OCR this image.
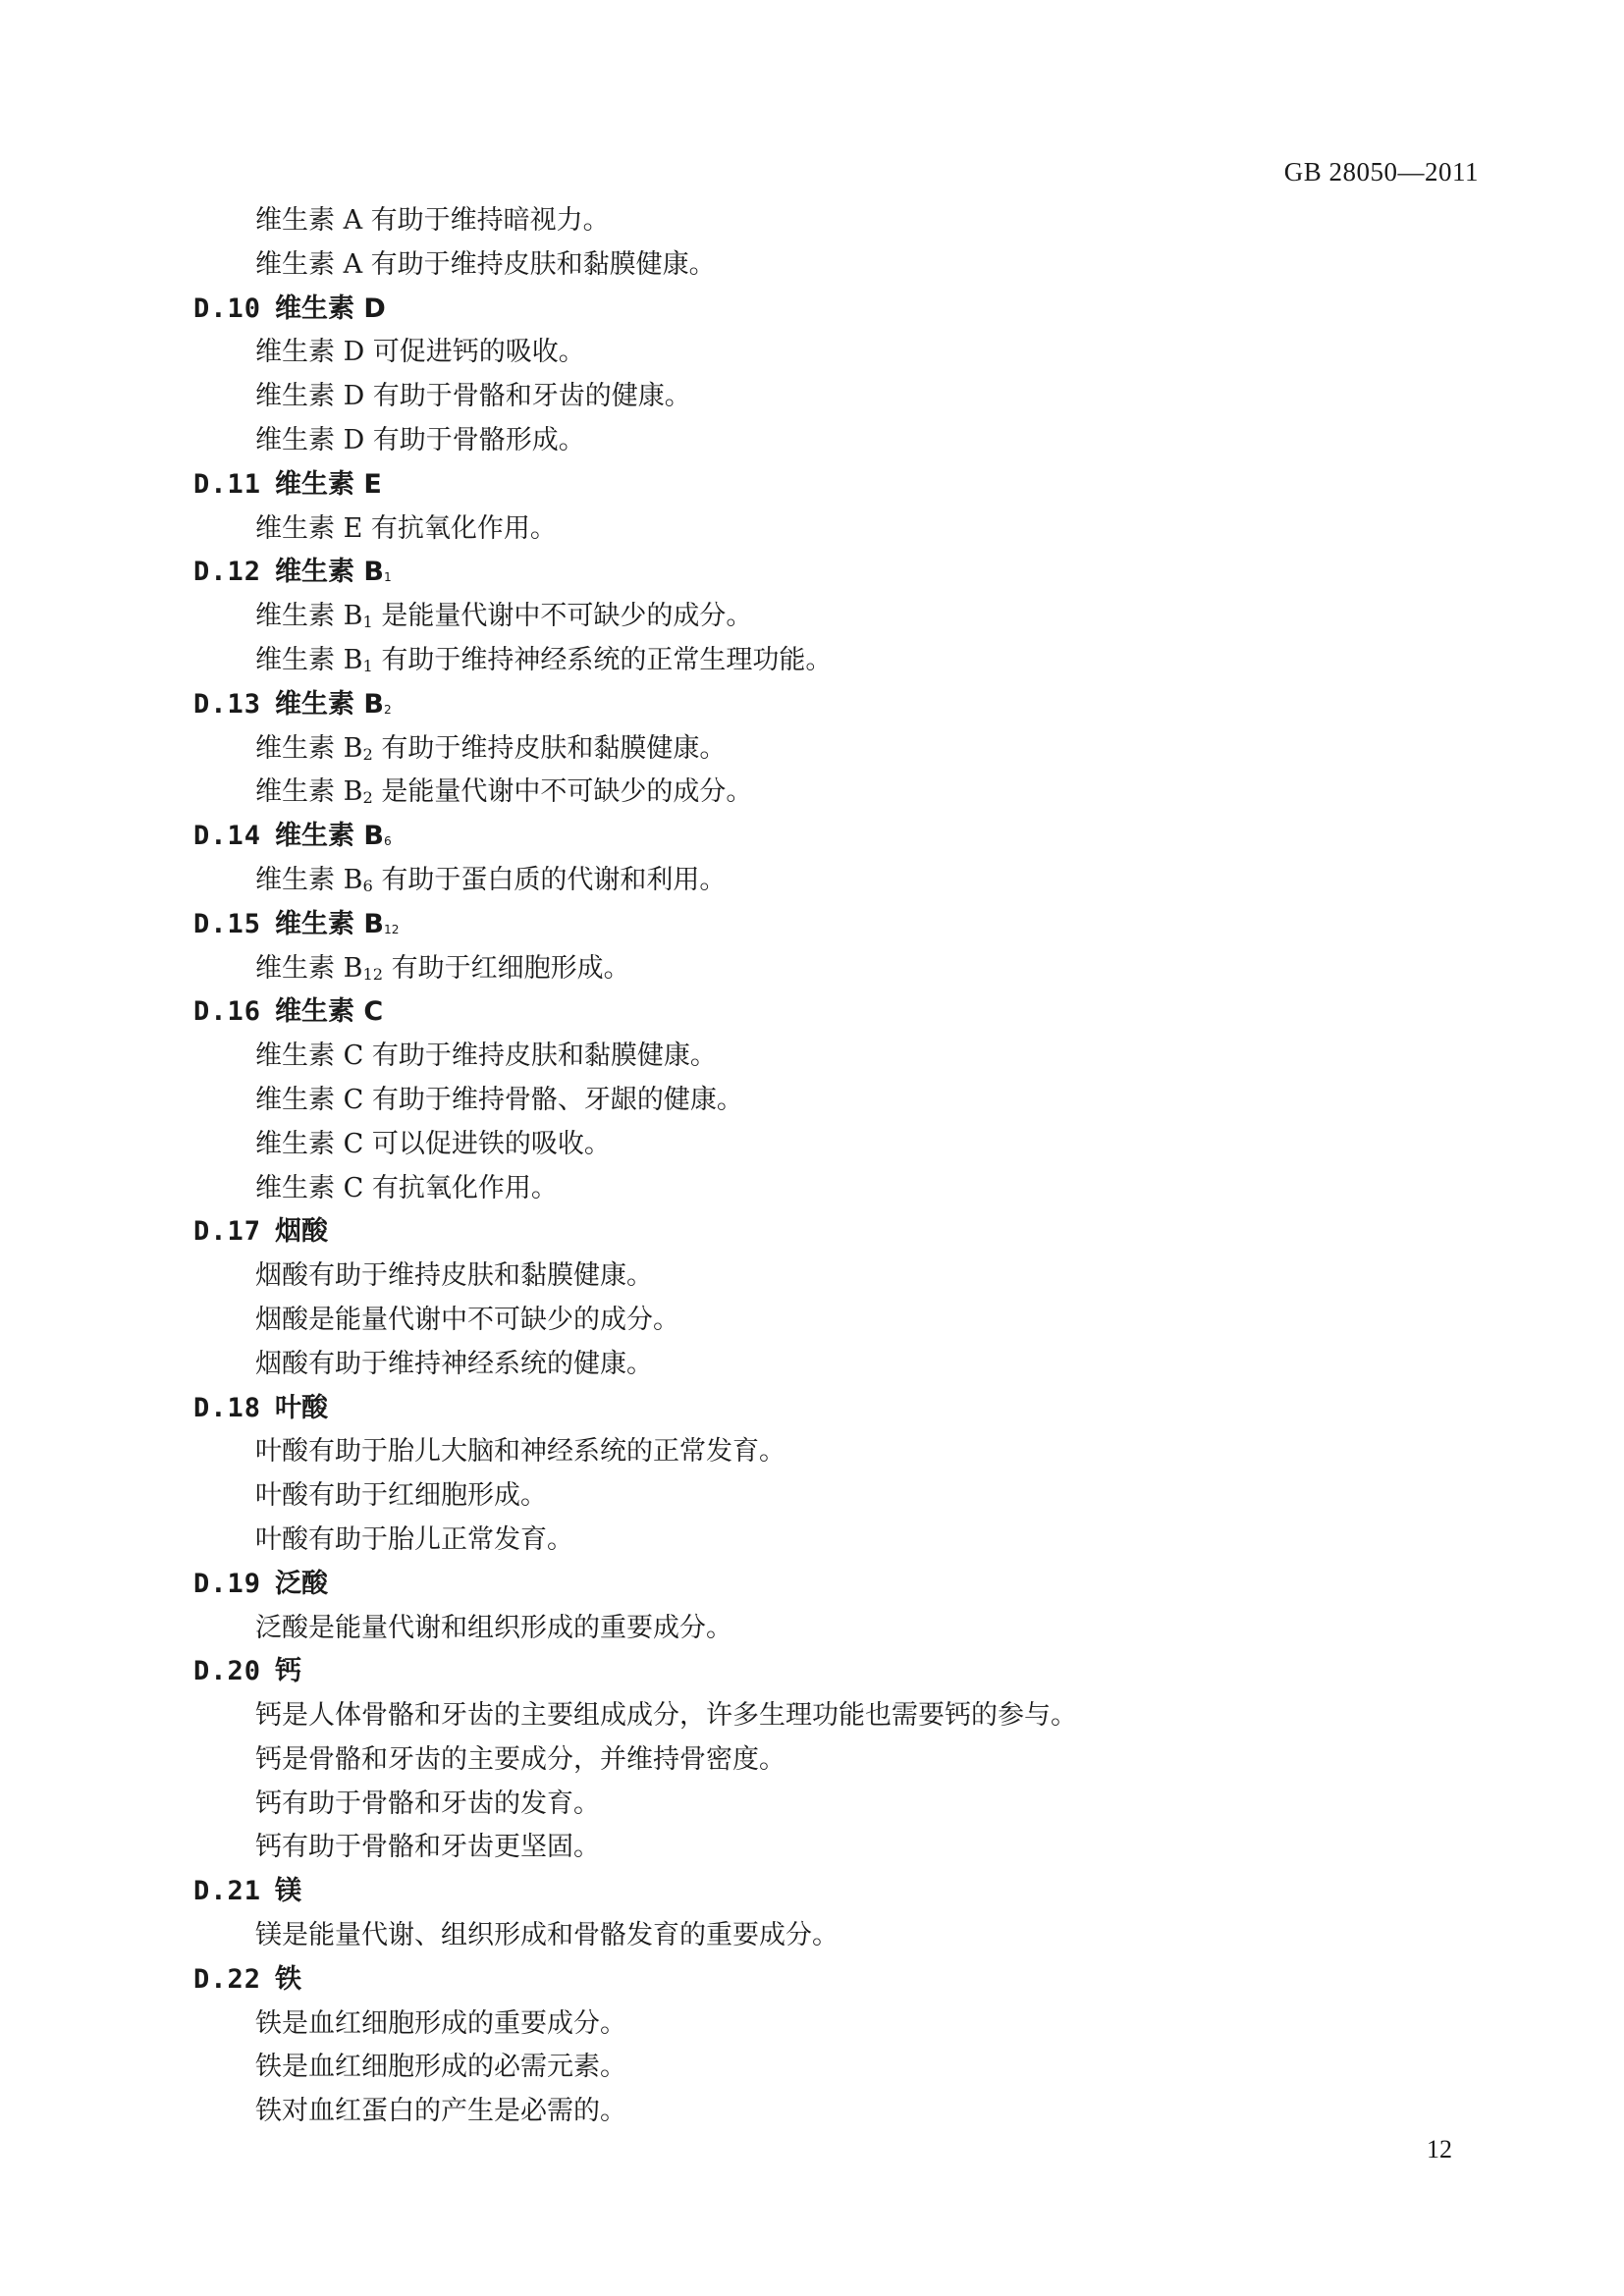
GB 28050—2011
维生素 A 有助于维持暗视力。
维生素 A 有助于维持皮肤和黏膜健康。
D.10 维生素 D
维生素 D 可促进钙的吸收。
维生素 D 有助于骨骼和牙齿的健康。
维生素 D 有助于骨骼形成。
D.11 维生素 E
维生素 E 有抗氧化作用。
D.12 维生素 $B_1$
维生素 $B_1$ 是能量代谢中不可缺少的成分。
维生素 $B_1$ 有助于维持神经系统的正常生理功能。
D.13 维生素 $B_2$
维生素 $B_2$ 有助于维持皮肤和黏膜健康。
维生素 $B_2$ 是能量代谢中不可缺少的成分。
D.14 维生素 $B_6$
维生素 $B_6$ 有助于蛋白质的代谢和利用。
D.15 维生素 $B_{12}$
维生素 $B_{12}$ 有助于红细胞形成。
D.16 维生素 C
维生素 C 有助于维持皮肤和黏膜健康。
维生素 C 有助于维持骨骼、牙龈的健康。
维生素 C 可以促进铁的吸收。
维生素 C 有抗氧化作用。
D.17 烟酸
烟酸有助于维持皮肤和黏膜健康。
烟酸是能量代谢中不可缺少的成分。
烟酸有助于维持神经系统的健康。
D.18 叶酸
叶酸有助于胎儿大脑和神经系统的正常发育。
叶酸有助于红细胞形成。
叶酸有助于胎儿正常发育。
D.19 泛酸
泛酸是能量代谢和组织形成的重要成分。
D.20 钙
钙是人体骨骼和牙齿的主要组成成分，许多生理功能也需要钙的参与。
钙是骨骼和牙齿的主要成分，并维持骨密度。
钙有助于骨骼和牙齿的发育。
钙有助于骨骼和牙齿更坚固。
D.21 镁
镁是能量代谢、组织形成和骨骼发育的重要成分。
D.22 铁
铁是血红细胞形成的重要成分。
铁是血红细胞形成的必需元素。
铁对血红蛋白的产生是必需的。
12
